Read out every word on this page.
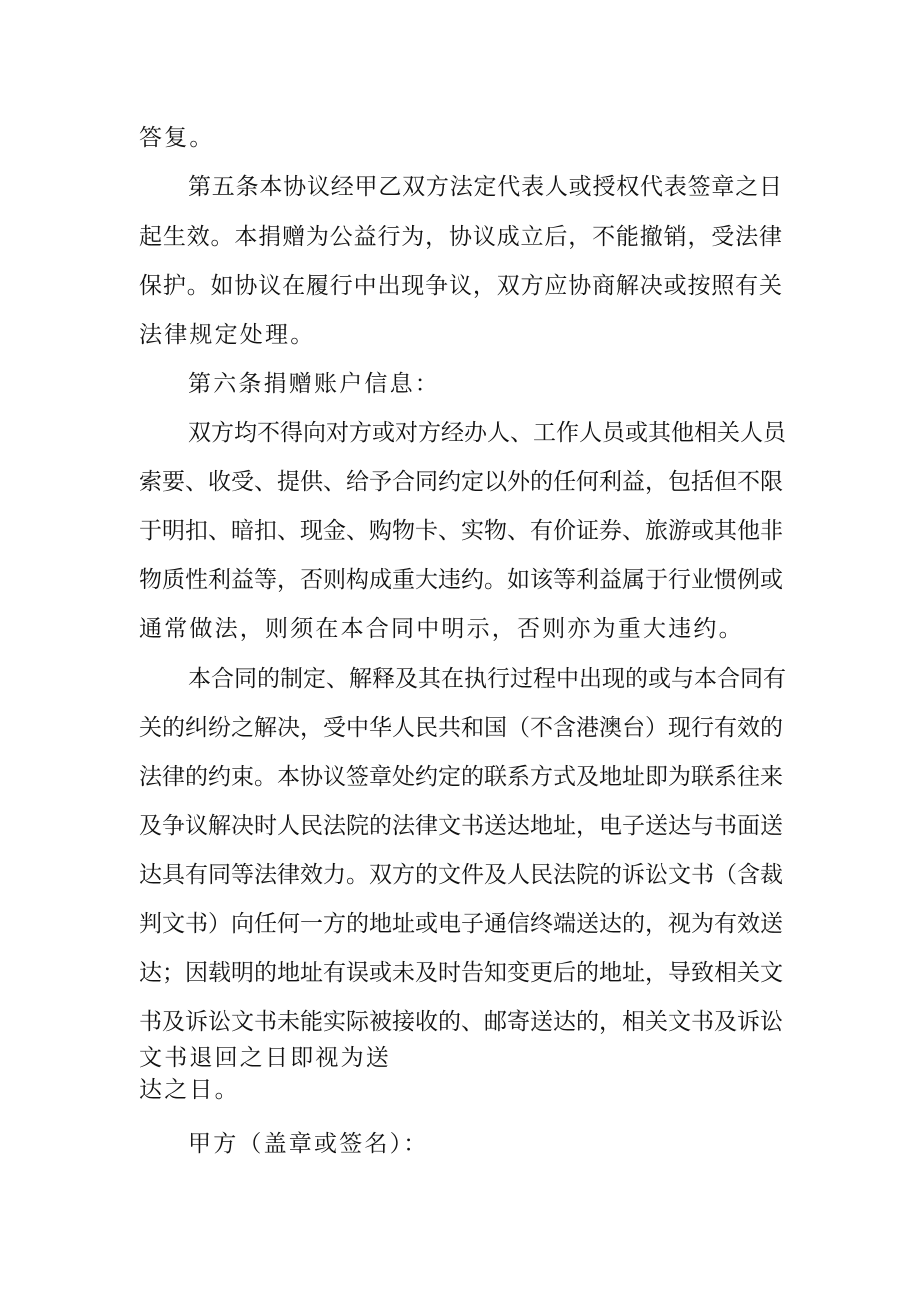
答复。
第五条本协议经甲乙双方法定代表人或授权代表签章之日
起生效。本捐赠为公益行为，协议成立后，不能撤销，受法律
保护。如协议在履行中出现争议，双方应协商解决或按照有关
法律规定处理。
第六条捐赠账户信息：
双方均不得向对方或对方经办人、工作人员或其他相关人员
索要、收受、提供、给予合同约定以外的任何利益，包括但不限
于明扣、暗扣、现金、购物卡、实物、有价证券、旅游或其他非
物质性利益等，否则构成重大违约。如该等利益属于行业惯例或
通常做法，则须在本合同中明示，否则亦为重大违约。
本合同的制定、解释及其在执行过程中出现的或与本合同有
关的纠纷之解决，受中华人民共和国（不含港澳台）现行有效的
法律的约束。本协议签章处约定的联系方式及地址即为联系往来
及争议解决时人民法院的法律文书送达地址，电子送达与书面送
达具有同等法律效力。双方的文件及人民法院的诉讼文书（含裁
判文书）向任何一方的地址或电子通信终端送达的，视为有效送
达；因载明的地址有误或未及时告知变更后的地址，导致相关文
书及诉讼文书未能实际被接收的、邮寄送达的，相关文书及诉讼
文书退回之日即视为送
达之日。
甲方（盖章或签名）：
